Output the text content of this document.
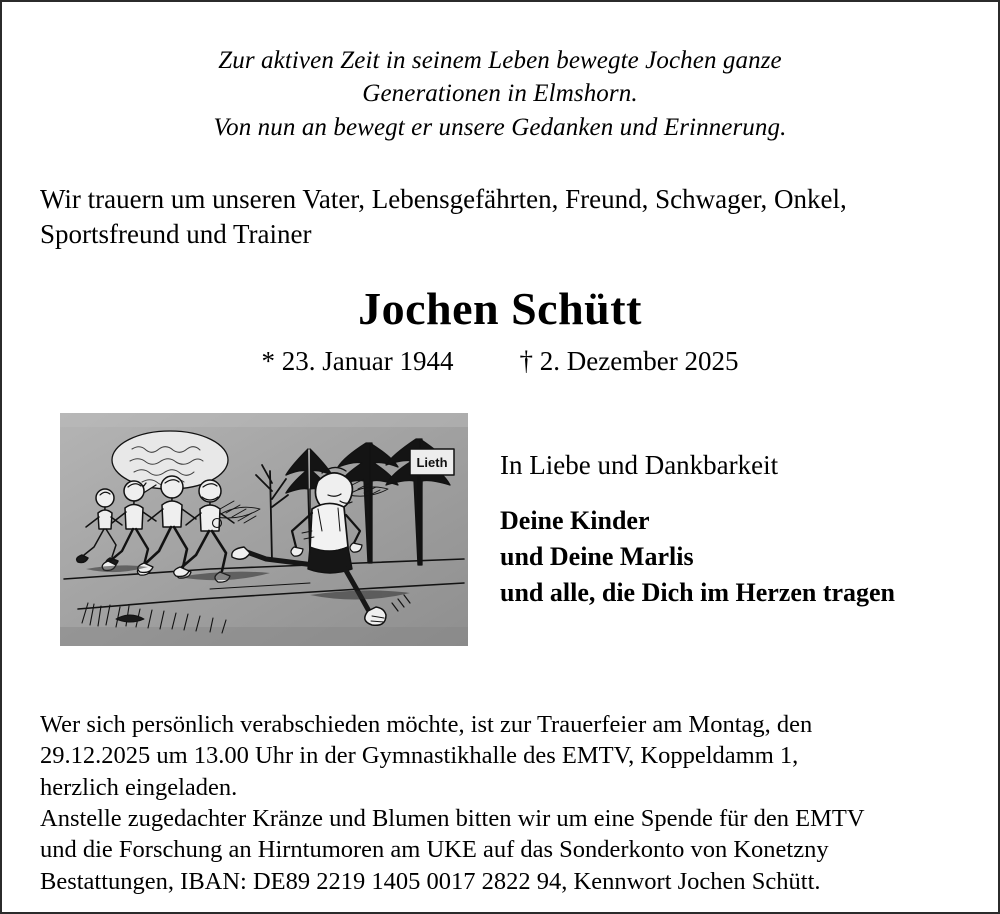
Zur aktiven Zeit in seinem Leben bewegte Jochen ganze
Generationen in Elmshorn.
Von nun an bewegt er unsere Gedanken und Erinnerung.
Wir trauern um unseren Vater, Lebensgefährten, Freund, Schwager, Onkel,
Sportsfreund und Trainer
Jochen Schütt
* 23. Januar 1944 † 2. Dezember 2025
Lieth In Liebe und Dankbarkeit
Deine Kinder
und Deine Marlis
und alle, die Dich im Herzen tragen

Wer sich persönlich verabschieden möchte, ist zur Trauerfeier am Montag, den
29.12.2025 um 13.00 Uhr in der Gymnastikhalle des EMTV, Koppeldamm 1,
herzlich eingeladen.

Anstelle zugedachter Kränze und Blumen bitten wir um eine Spende für den EMTV
und die Forschung an Hirntumoren am UKE auf das Sonderkonto von Konetzny
Bestattungen, IBAN: DE89 2219 1405 0017 2822 94, Kennwort Jochen Schütt.
